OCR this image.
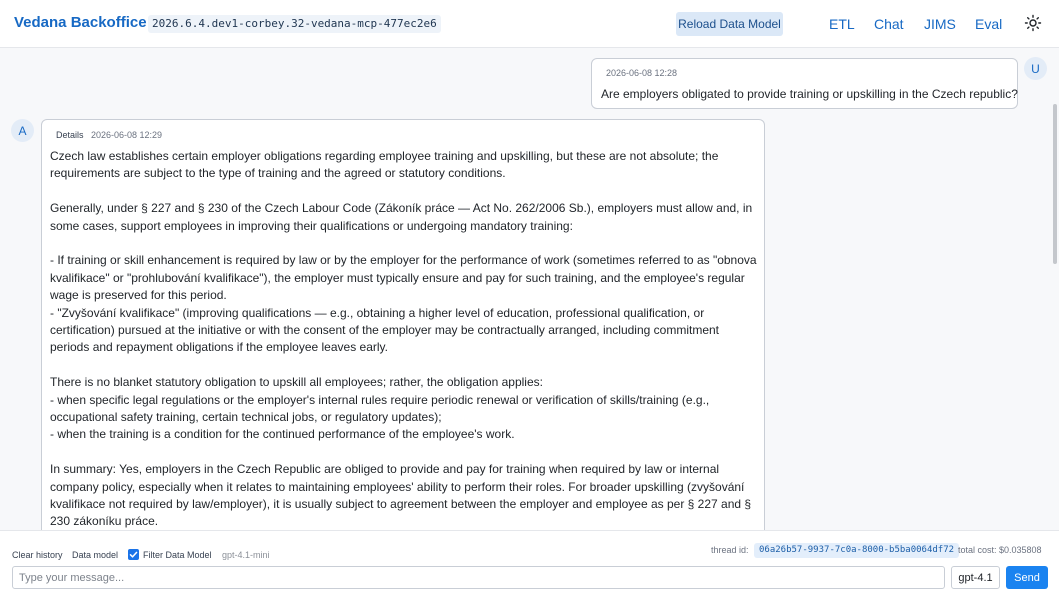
Vedana Backoffice 2026.6.4.dev1-corbey.32-vedana-mcp-477ec2e6	Reload Data Model	ETL Chat JIMS Eval
U
2026-06-08 12:28
Are employers obligated to provide training or upskilling in the Czech republic?
A	Details 2026-06-08 12:29

Czech law establishes certain employer obligations regarding employee training and upskilling, but these are not absolute; the requirements are subject to the type of training and the agreed or statutory conditions.

Generally, under § 227 and § 230 of the Czech Labour Code (Zákoník práce — Act No. 262/2006 Sb.), employers must allow and, in some cases, support employees in improving their qualifications or undergoing mandatory training:

- If training or skill enhancement is required by law or by the employer for the performance of work (sometimes referred to as "obnova kvalifikace" or "prohlubování kvalifikace"), the employer must typically ensure and pay for such training, and the employee's regular wage is preserved for this period.
- "Zvyšování kvalifikace" (improving qualifications — e.g., obtaining a higher level of education, professional qualification, or certification) pursued at the initiative or with the consent of the employer may be contractually arranged, including commitment periods and repayment obligations if the employee leaves early.

There is no blanket statutory obligation to upskill all employees; rather, the obligation applies:
- when specific legal regulations or the employer's internal rules require periodic renewal or verification of skills/training (e.g., occupational safety training, certain technical jobs, or regulatory updates);
- when the training is a condition for the continued performance of the employee's work.

In summary: Yes, employers in the Czech Republic are obliged to provide and pay for training when required by law or internal company policy, especially when it relates to maintaining employees' ability to perform their roles. For broader upskilling (zvyšování kvalifikace not required by law/employer), it is usually subject to agreement between the employer and employee as per § 227 and § 230 zákoníku práce.

Clear history Data model	Filter Data Model gpt-4.1-mini	thread id:	06a26b57-9937-7c0a-8000-b5ba0064df72 total cost: $0.035808
Type your message...
gpt-4.1	Send
